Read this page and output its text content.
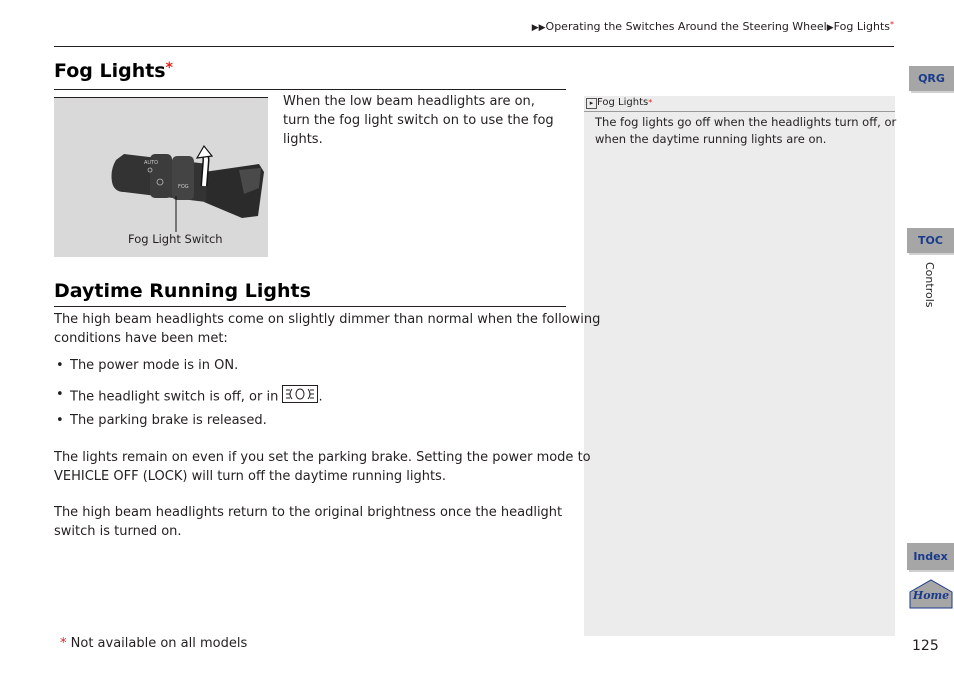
▶▶Operating the Switches Around the Steering Wheel▶Fog Lights*
Fog Lights*
AUTO
FOG
Fog Light Switch
When the low beam headlights are on, turn the fog light switch on to use the fog lights.
▸ Fog Lights*
The fog lights go off when the headlights turn off, or
when the daytime running lights are on.
Daytime Running Lights
The high beam headlights come on slightly dimmer than normal when the following
conditions have been met:
• The power mode is in ON.
• The headlight switch is off, or in	.
• The parking brake is released.
The lights remain on even if you set the parking brake. Setting the power mode to
VEHICLE OFF (LOCK) will turn off the daytime running lights.
The high beam headlights return to the original brightness once the headlight
switch is turned on.
QRG
TOC
Controls
Index
Home
* Not available on all models	125
